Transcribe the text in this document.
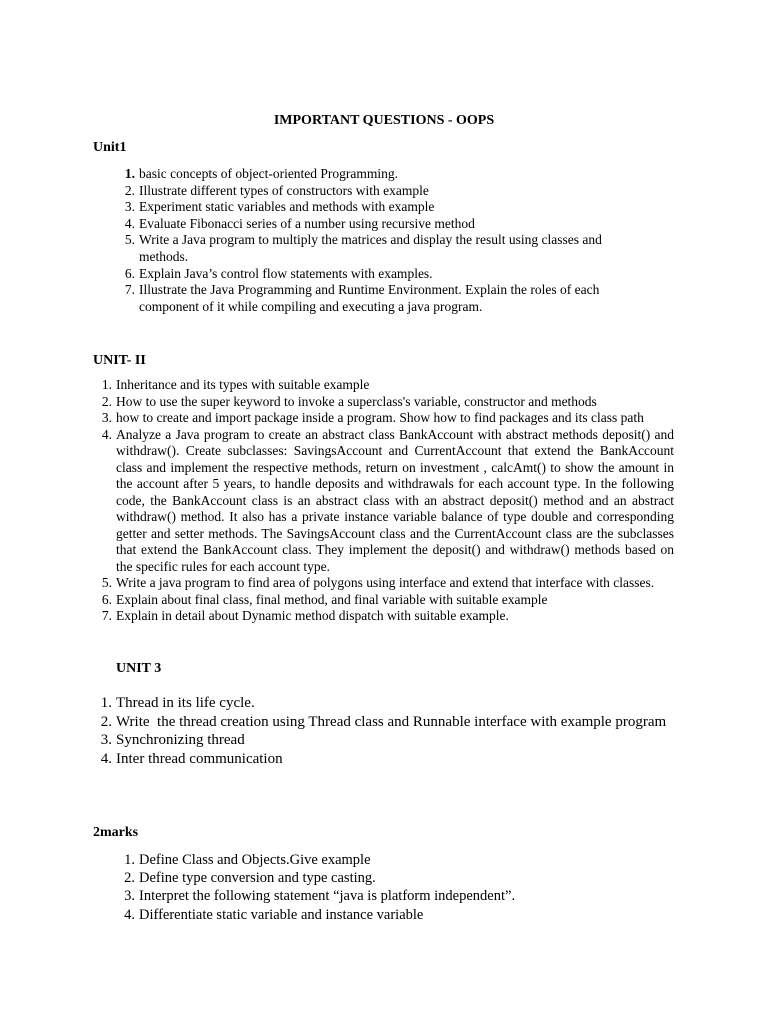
IMPORTANT QUESTIONS - OOPS
Unit1
1. basic concepts of object-oriented Programming.
2. Illustrate different types of constructors with example
3. Experiment static variables and methods with example
4. Evaluate Fibonacci series of a number using recursive method
5. Write a Java program to multiply the matrices and display the result using classes and methods.
6. Explain Java’s control flow statements with examples.
7. Illustrate the Java Programming and Runtime Environment. Explain the roles of each component of it while compiling and executing a java program.
UNIT- II
1. Inheritance and its types with suitable example
2. How to use the super keyword to invoke a superclass's variable, constructor and methods
3. how to create and import package inside a program. Show how to find packages and its class path
4. Analyze a Java program to create an abstract class BankAccount with abstract methods deposit() and withdraw(). Create subclasses: SavingsAccount and CurrentAccount that extend the BankAccount class and implement the respective methods, return on investment , calcAmt() to show the amount in the account after 5 years, to handle deposits and withdrawals for each account type. In the following code, the BankAccount class is an abstract class with an abstract deposit() method and an abstract withdraw() method. It also has a private instance variable balance of type double and corresponding getter and setter methods. The SavingsAccount class and the CurrentAccount class are the subclasses that extend the BankAccount class. They implement the deposit() and withdraw() methods based on the specific rules for each account type.
5. Write a java program to find area of polygons using interface and extend that interface with classes.
6. Explain about final class, final method, and final variable with suitable example
7. Explain in detail about Dynamic method dispatch with suitable example.
UNIT 3
1. Thread in its life cycle.
2. Write  the thread creation using Thread class and Runnable interface with example program
3. Synchronizing thread
4. Inter thread communication
2marks
1. Define Class and Objects.Give example
2. Define type conversion and type casting.
3. Interpret the following statement “java is platform independent”.
4. Differentiate static variable and instance variable
